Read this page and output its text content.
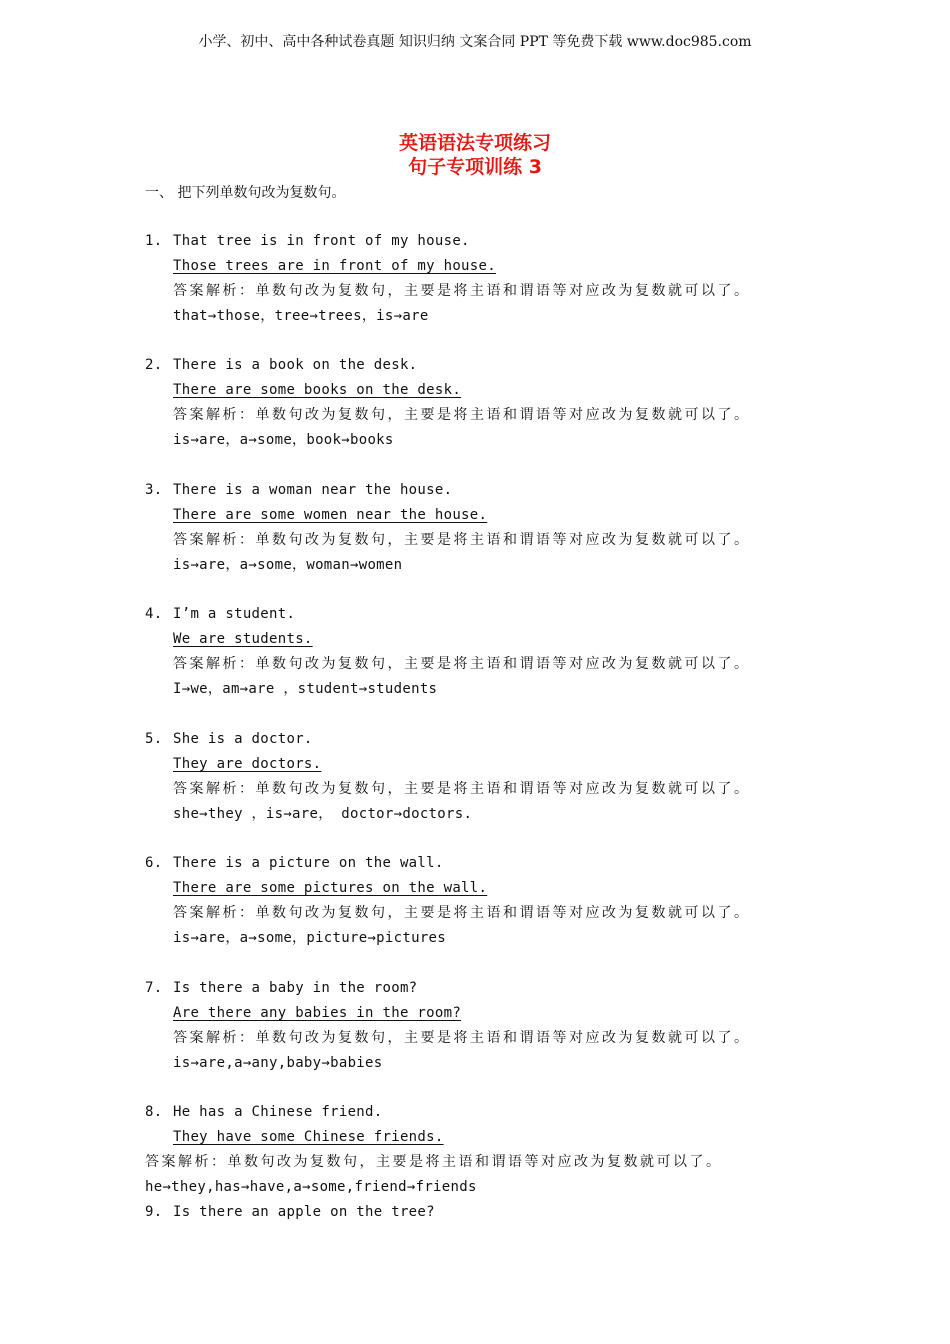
小学、初中、高中各种试卷真题 知识归纳 文案合同 PPT 等免费下载 www.doc985.com
英语语法专项练习
句子专项训练 3
一、 把下列单数句改为复数句。
1. That tree is in front of my house.
Those trees are in front of my house.
答案解析：单数句改为复数句，主要是将主语和谓语等对应改为复数就可以了。
that→those，tree→trees，is→are
2. There is a book on the desk.
There are some books on the desk.
答案解析：单数句改为复数句，主要是将主语和谓语等对应改为复数就可以了。
is→are，a→some，book→books
3. There is a woman near the house.
There are some women near the house.
答案解析：单数句改为复数句，主要是将主语和谓语等对应改为复数就可以了。
is→are，a→some，woman→women
4. I’m a student.
We are students.
答案解析：单数句改为复数句，主要是将主语和谓语等对应改为复数就可以了。
I→we，am→are ，student→students
5. She is a doctor.
They are doctors.
答案解析：单数句改为复数句，主要是将主语和谓语等对应改为复数就可以了。
she→they ，is→are， doctor→doctors.
6. There is a picture on the wall.
There are some pictures on the wall.
答案解析：单数句改为复数句，主要是将主语和谓语等对应改为复数就可以了。
is→are，a→some，picture→pictures
7. Is there a baby in the room?
Are there any babies in the room?
答案解析：单数句改为复数句，主要是将主语和谓语等对应改为复数就可以了。
is→are,a→any,baby→babies
8. He has a Chinese friend.
They have some Chinese friends.
答案解析：单数句改为复数句，主要是将主语和谓语等对应改为复数就可以了。
he→they,has→have,a→some,friend→friends
9. Is there an apple on the tree?
